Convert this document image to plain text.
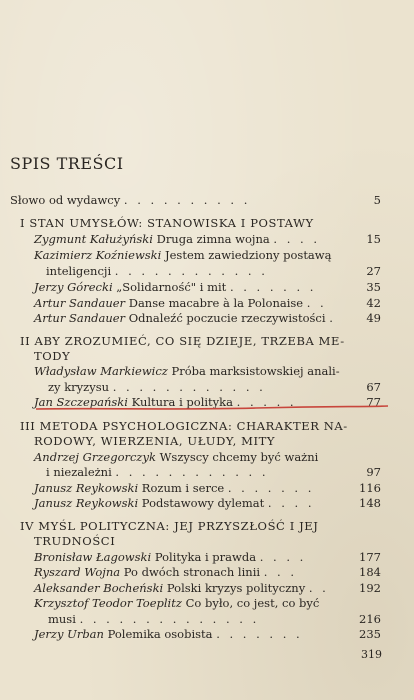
SPIS TREŚCI
Słowo od wydawcy . . . . . . . . . .	5
I STAN UMYSŁÓW: STANOWISKA I POSTAWY
Zygmunt Kałużyński Druga zimna wojna . . . .	15
Kazimierz Koźniewski Jestem zawiedziony postawą
inteligencji . . . . . . . . . . . .	27
Jerzy Górecki „Solidarność" i mit . . . . . . .	35
Artur Sandauer Danse macabre à la Polonaise . .	42
Artur Sandauer Odnaleźć poczucie rzeczywistości .	49
II ABY ZROZUMIEĆ, CO SIĘ DZIEJE, TRZEBA ME-
TODY
Władysław Markiewicz Próba marksistowskiej anali-
zy kryzysu . . . . . . . . . . . .	67
Jan Szczepański Kultura i polityka . . . . .	77
III METODA PSYCHOLOGICZNA: CHARAKTER NA-
RODOWY, WIERZENIA, UŁUDY, MITY
Andrzej Grzegorczyk Wszyscy chcemy być ważni
i niezależni . . . . . . . . . . . .	97
Janusz Reykowski Rozum i serce . . . . . . .	116
Janusz Reykowski Podstawowy dylemat . . . .	148
IV MYŚL POLITYCZNA: JEJ PRZYSZŁOŚĆ I JEJ
TRUDNOŚCI
Bronisław Łagowski Polityka i prawda . . . .	177
Ryszard Wojna Po dwóch stronach linii . . .	184
Aleksander Bocheński Polski kryzys polityczny . .	192
Krzysztof Teodor Toeplitz Co było, co jest, co być
musi . . . . . . . . . . . . . .	216
Jerzy Urban Polemika osobista . . . . . . .	235
319
